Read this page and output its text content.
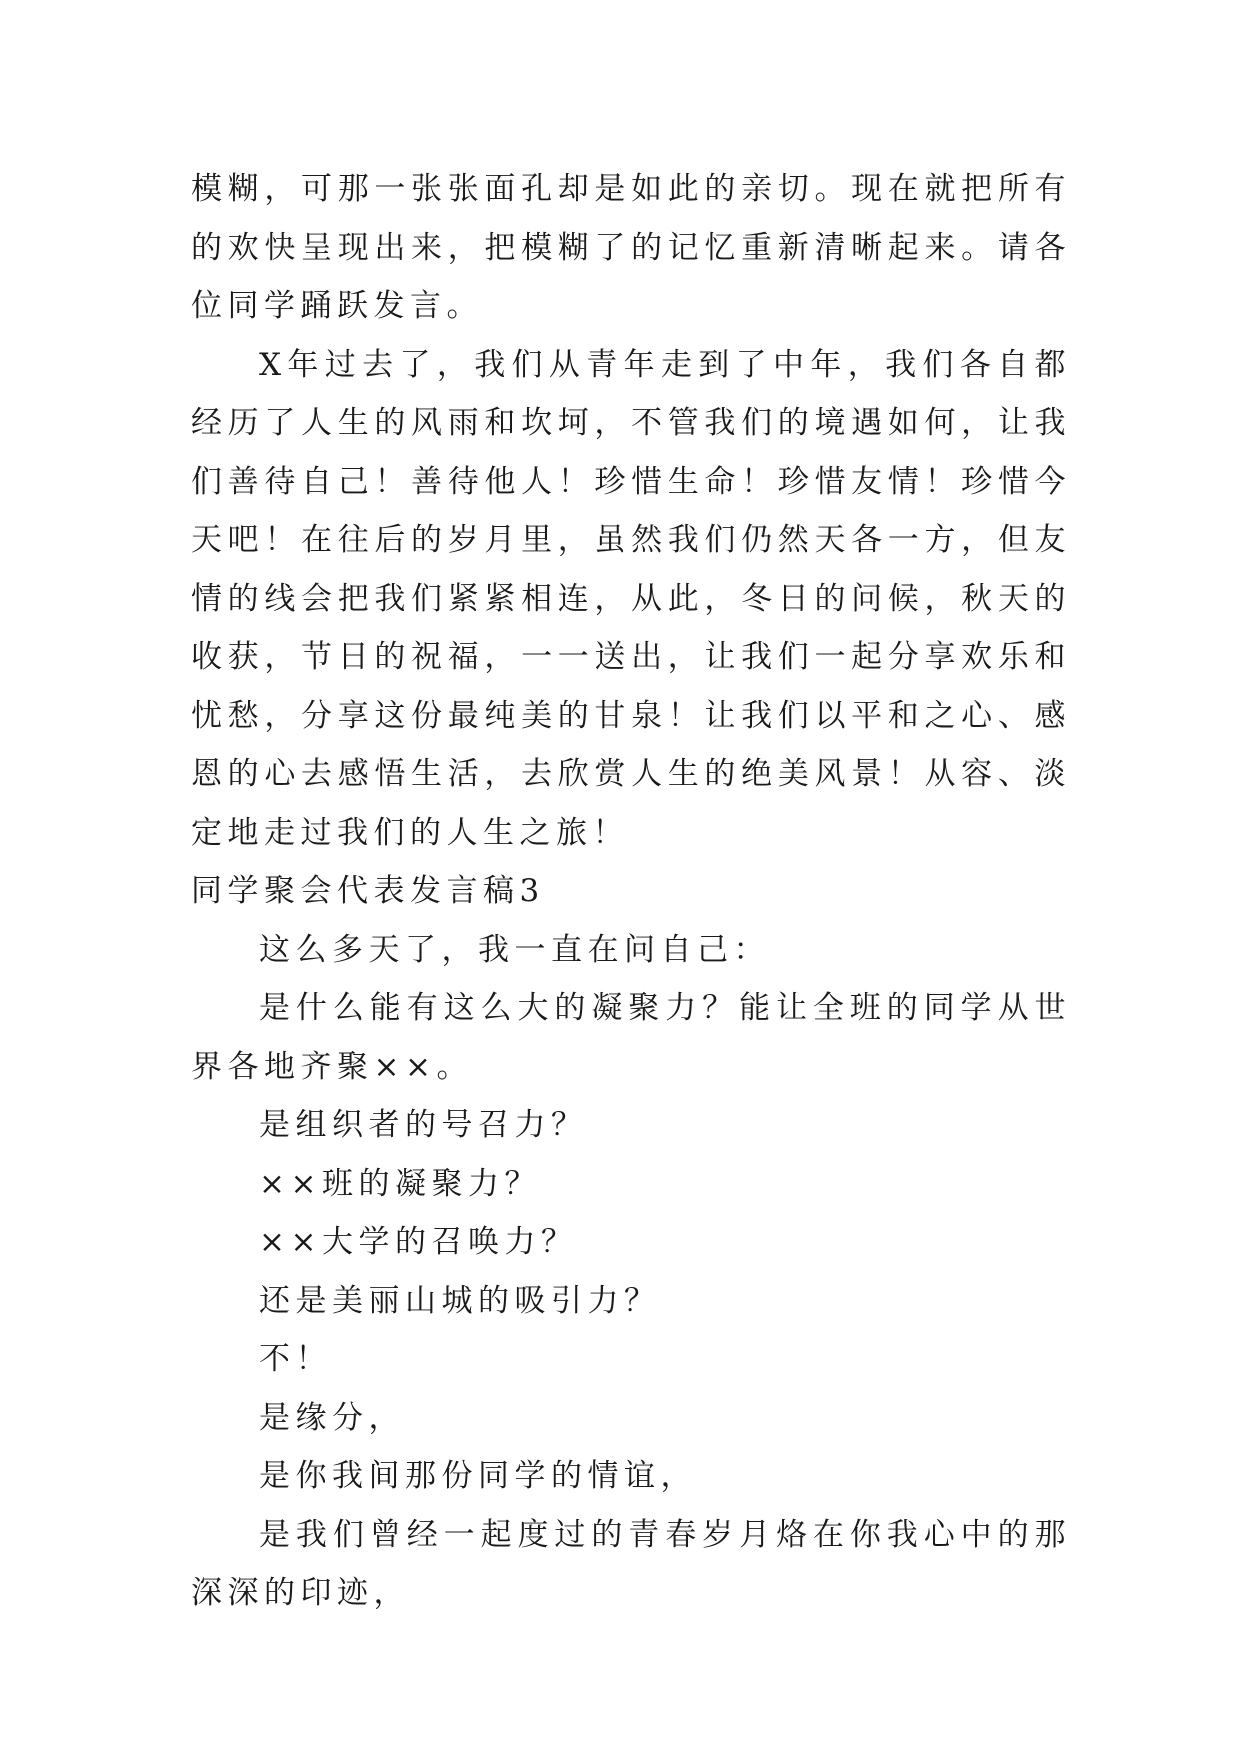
模糊，可那一张张面孔却是如此的亲切。现在就把所有的欢快呈现出来，把模糊了的记忆重新清晰起来。请各位同学踊跃发言。

X年过去了，我们从青年走到了中年，我们各自都经历了人生的风雨和坎坷，不管我们的境遇如何，让我们善待自己！善待他人！珍惜生命！珍惜友情！珍惜今天吧！在往后的岁月里，虽然我们仍然天各一方，但友情的线会把我们紧紧相连，从此，冬日的问候，秋天的收获，节日的祝福，一一送出，让我们一起分享欢乐和忧愁，分享这份最纯美的甘泉！让我们以平和之心、感恩的心去感悟生活，去欣赏人生的绝美风景！从容、淡定地走过我们的人生之旅！

同学聚会代表发言稿3

这么多天了，我一直在问自己：

是什么能有这么大的凝聚力？能让全班的同学从世界各地齐聚××。

是组织者的号召力？

××班的凝聚力？

××大学的召唤力？

还是美丽山城的吸引力？

不！

是缘分，

是你我间那份同学的情谊，

是我们曾经一起度过的青春岁月烙在你我心中的那深深的印迹，
